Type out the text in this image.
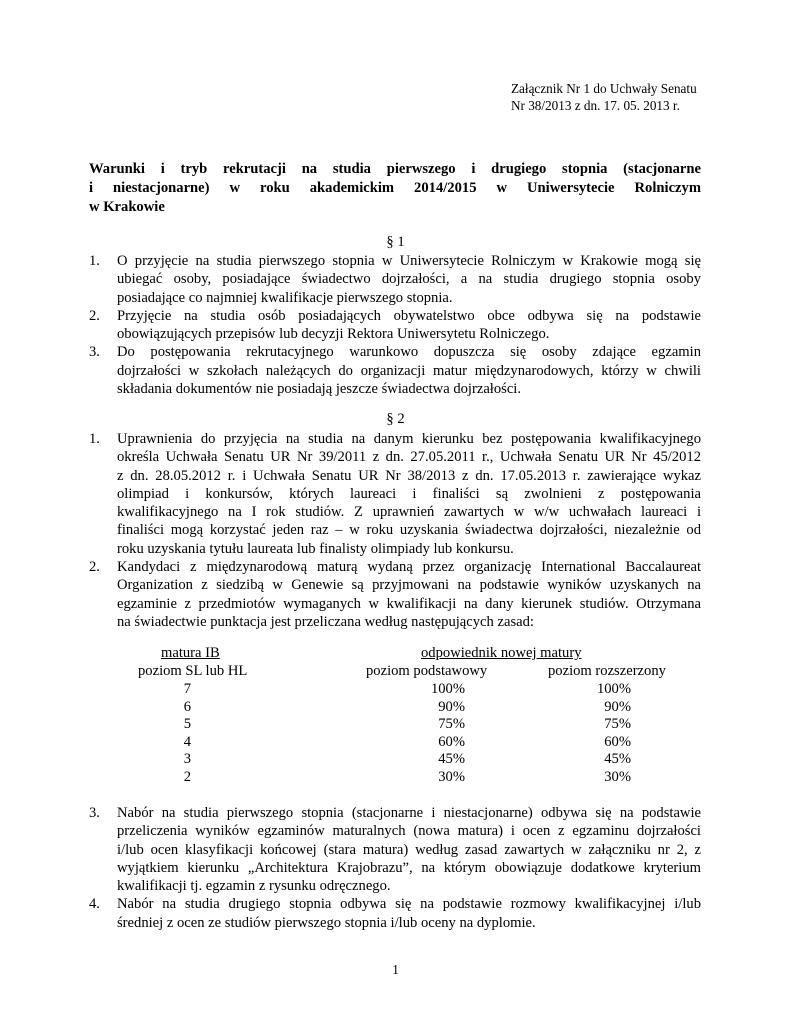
Załącznik Nr 1 do Uchwały Senatu
Nr 38/2013 z dn. 17. 05. 2013 r.
Warunki i tryb rekrutacji na studia pierwszego i drugiego stopnia (stacjonarne
i niestacjonarne) w roku akademickim 2014/2015 w Uniwersytecie Rolniczym
w Krakowie
§ 1
1. O przyjęcie na studia pierwszego stopnia w Uniwersytecie Rolniczym w Krakowie mogą się
ubiegać osoby, posiadające świadectwo dojrzałości, a na studia drugiego stopnia osoby
posiadające co najmniej kwalifikacje pierwszego stopnia.
2. Przyjęcie na studia osób posiadających obywatelstwo obce odbywa się na podstawie
obowiązujących przepisów lub decyzji Rektora Uniwersytetu Rolniczego.
3. Do postępowania rekrutacyjnego warunkowo dopuszcza się osoby zdające egzamin
dojrzałości w szkołach należących do organizacji matur międzynarodowych, którzy w chwili
składania dokumentów nie posiadają jeszcze świadectwa dojrzałości.
§ 2
1. Uprawnienia do przyjęcia na studia na danym kierunku bez postępowania kwalifikacyjnego
określa Uchwała Senatu UR Nr 39/2011 z dn. 27.05.2011 r., Uchwała Senatu UR Nr 45/2012
z dn. 28.05.2012 r. i Uchwała Senatu UR Nr 38/2013 z dn. 17.05.2013 r. zawierające wykaz
olimpiad i konkursów, których laureaci i finaliści są zwolnieni z postępowania
kwalifikacyjnego na I rok studiów. Z uprawnień zawartych w w/w uchwałach laureaci i
finaliści mogą korzystać jeden raz – w roku uzyskania świadectwa dojrzałości, niezależnie od
roku uzyskania tytułu laureata lub finalisty olimpiady lub konkursu.
2. Kandydaci z międzynarodową maturą wydaną przez organizację International Baccalaureat
Organization z siedzibą w Genewie są przyjmowani na podstawie wyników uzyskanych na
egzaminie z przedmiotów wymaganych w kwalifikacji na dany kierunek studiów. Otrzymana
na świadectwie punktacja jest przeliczana według następujących zasad:
matura IB	odpowiednik nowej matury
poziom SL lub HL	poziom podstawowy	poziom rozszerzony
7	100%	100%
6	90%	90%
5	75%	75%
4	60%	60%
3	45%	45%
2	30%	30%
3. Nabór na studia pierwszego stopnia (stacjonarne i niestacjonarne) odbywa się na podstawie
przeliczenia wyników egzaminów maturalnych (nowa matura) i ocen z egzaminu dojrzałości
i/lub ocen klasyfikacji końcowej (stara matura) według zasad zawartych w załączniku nr 2, z
wyjątkiem kierunku „Architektura Krajobrazu”, na którym obowiązuje dodatkowe kryterium
kwalifikacji tj. egzamin z rysunku odręcznego.
4. Nabór na studia drugiego stopnia odbywa się na podstawie rozmowy kwalifikacyjnej i/lub
średniej z ocen ze studiów pierwszego stopnia i/lub oceny na dyplomie.
1
